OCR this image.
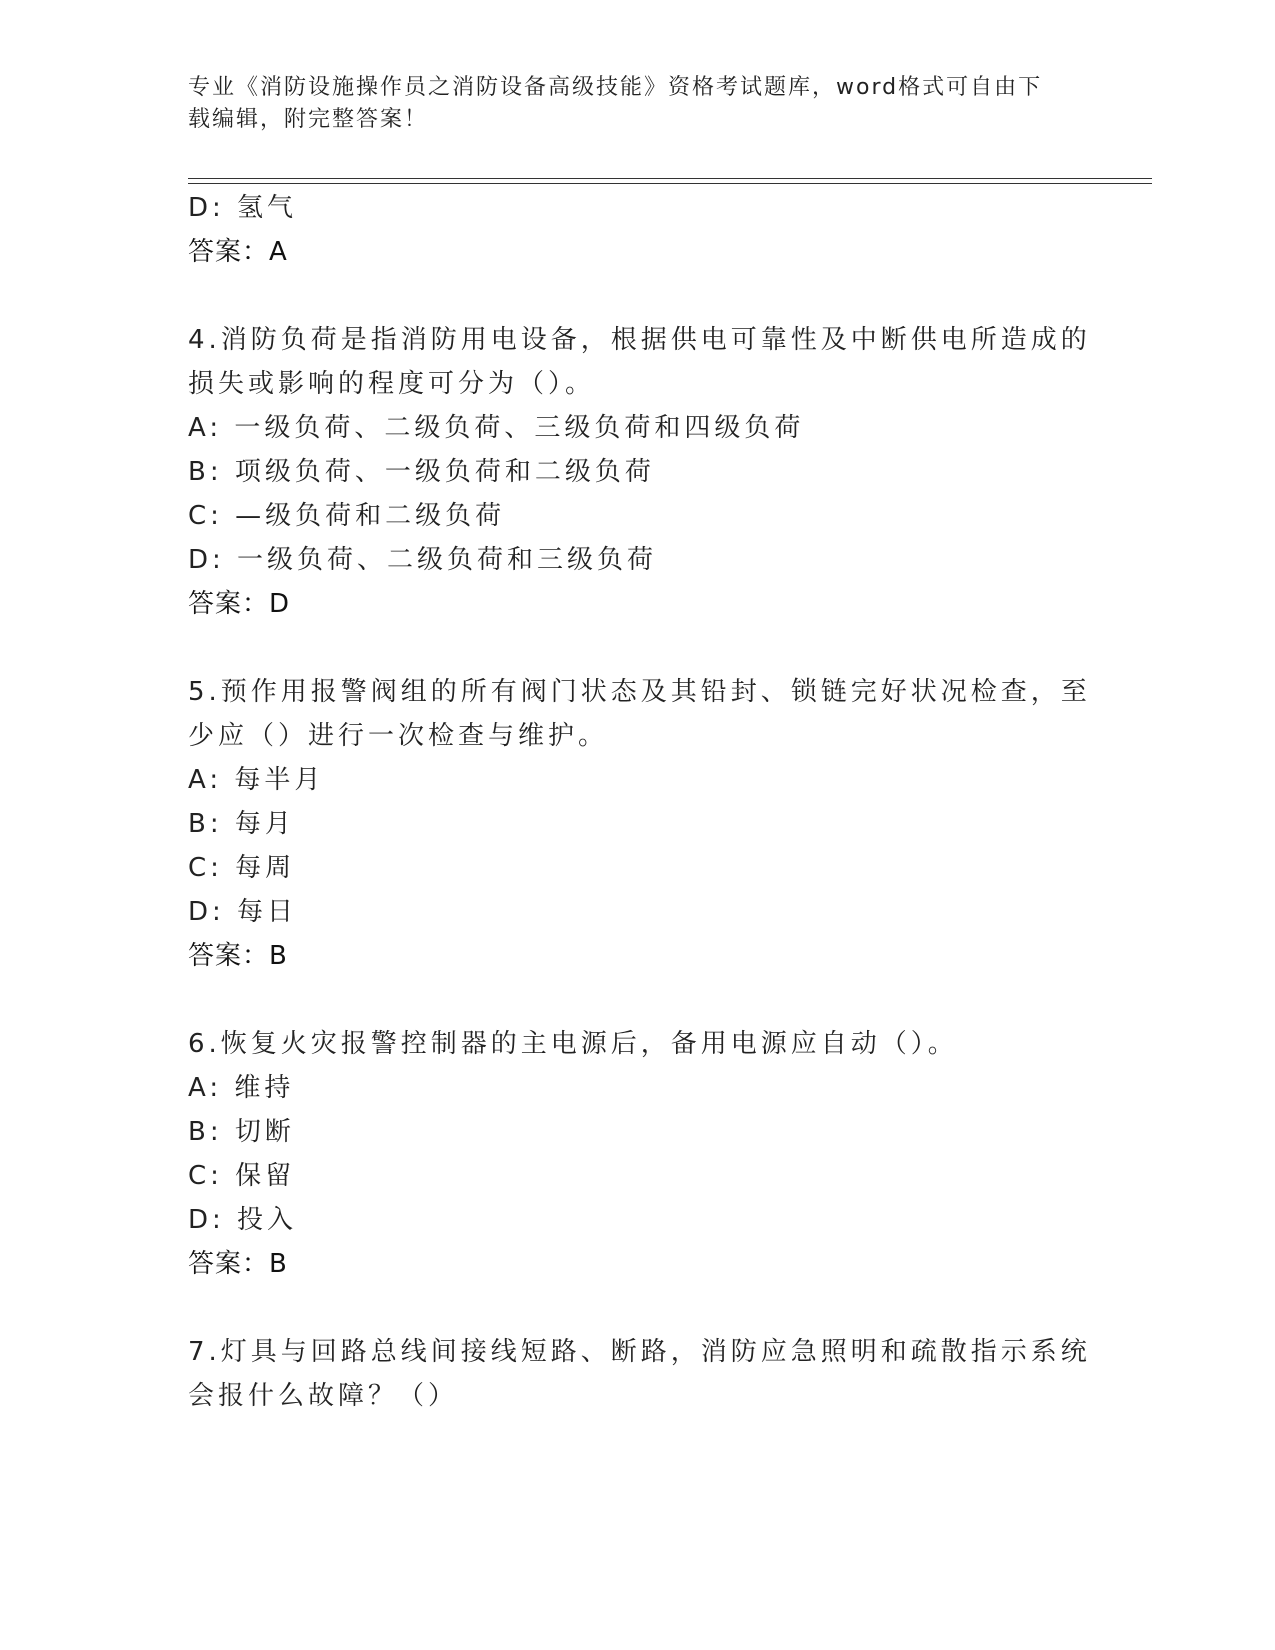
专业《消防设施操作员之消防设备高级技能》资格考试题库，word格式可自由下
载编辑，附完整答案！
D: 氢气
答案：A
4.消防负荷是指消防用电设备，根据供电可靠性及中断供电所造成的
损失或影响的程度可分为（）。
A: 一级负荷、二级负荷、三级负荷和四级负荷
B: 项级负荷、一级负荷和二级负荷
C: —级负荷和二级负荷
D: 一级负荷、二级负荷和三级负荷
答案：D
5.预作用报警阀组的所有阀门状态及其铅封、锁链完好状况检查，至
少应（）进行一次检查与维护。
A: 每半月
B: 每月
C: 每周
D: 每日
答案：B
6.恢复火灾报警控制器的主电源后，备用电源应自动（）。
A: 维持
B: 切断
C: 保留
D: 投入
答案：B
7.灯具与回路总线间接线短路、断路，消防应急照明和疏散指示系统
会报什么故障？（）
